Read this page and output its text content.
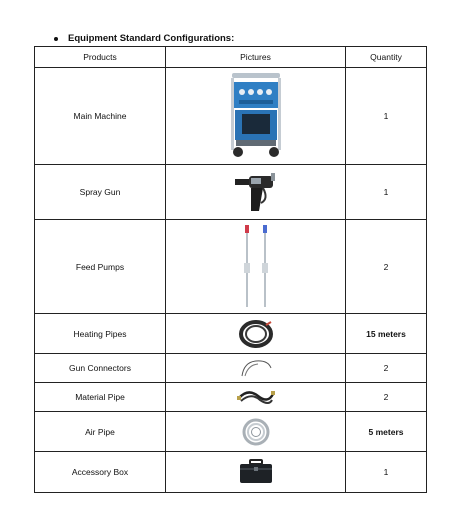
Equipment Standard Configurations:
Products	Pictures	Quantity
Main Machine		1
Spray Gun		1
Feed Pumps		2
Heating Pipes		15 meters
Gun Connectors		2
Material Pipe		2
Air Pipe		5 meters
Accessory Box		1
